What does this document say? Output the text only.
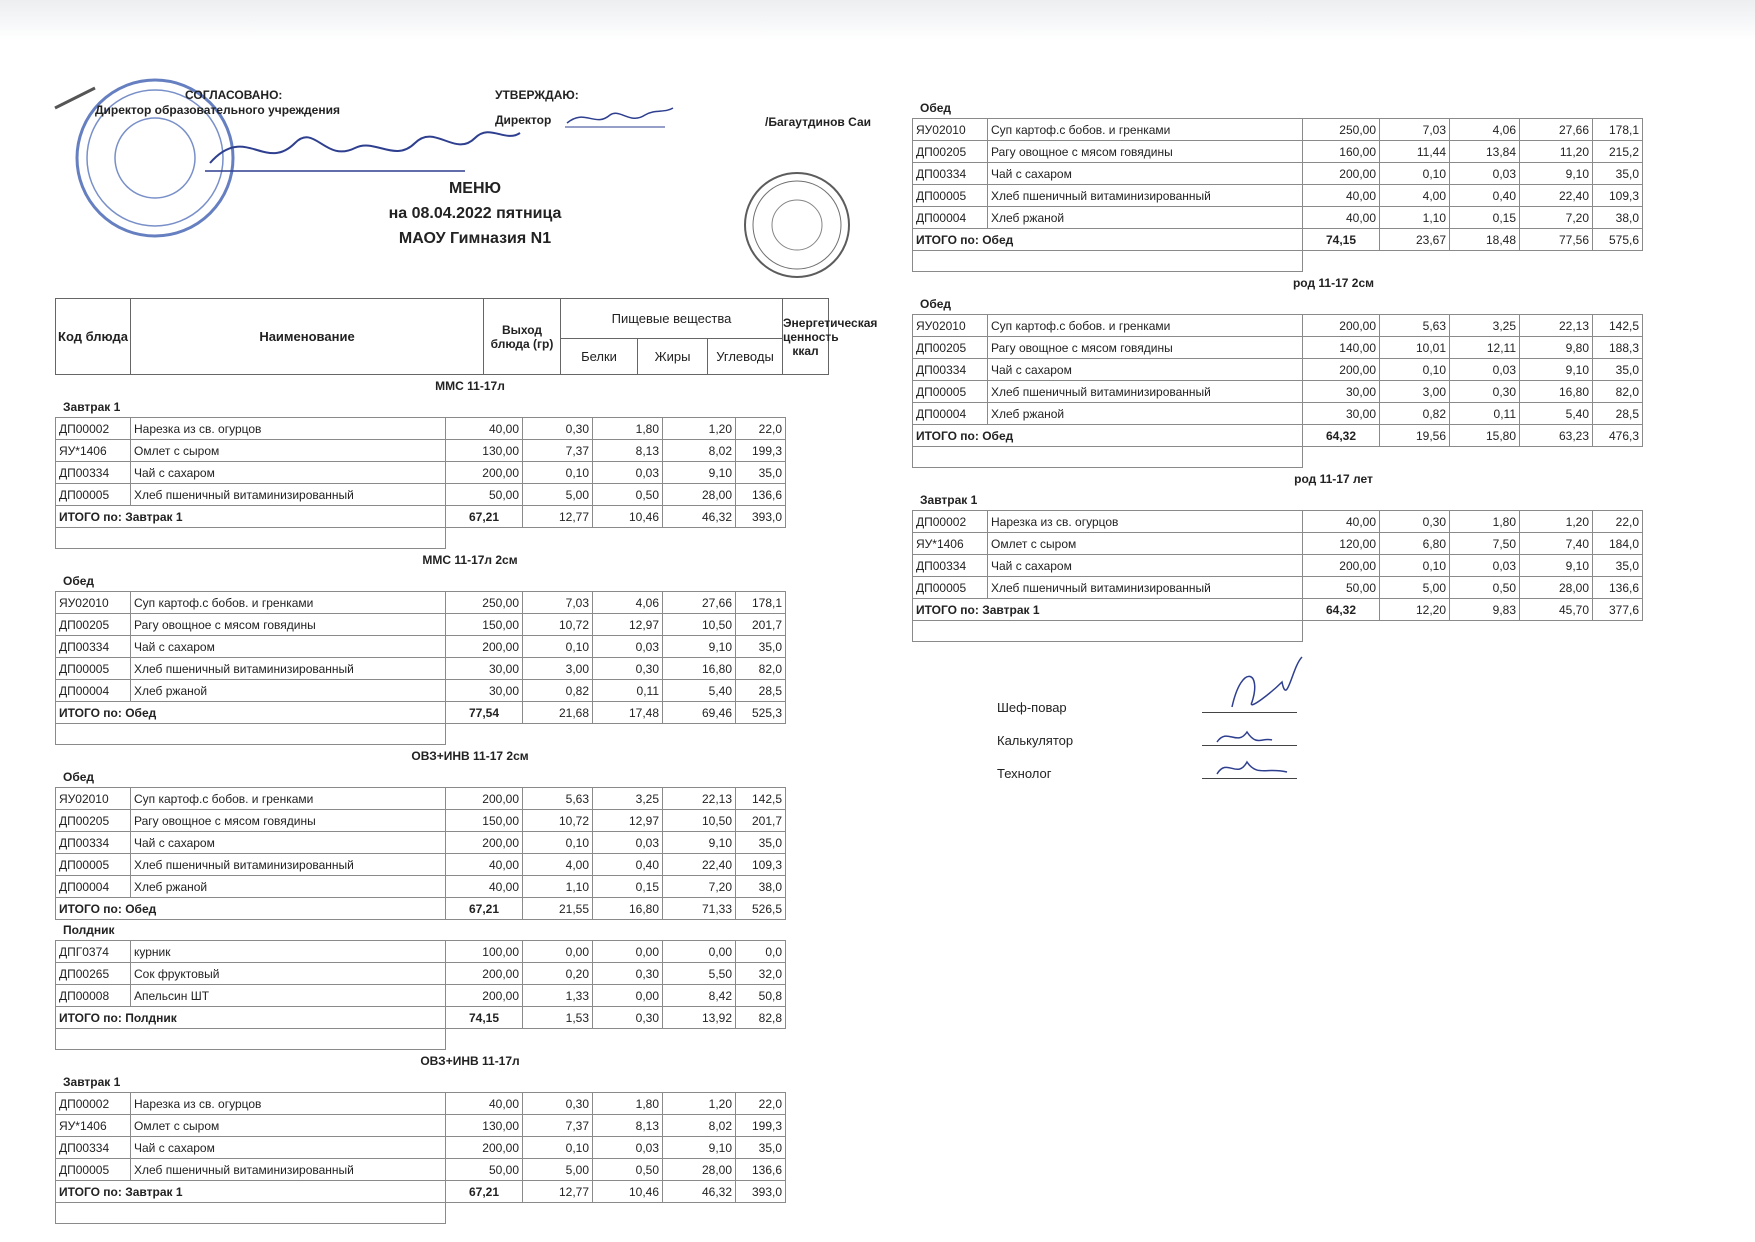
СОГЛАСОВАНО:
Директор образовательного учреждения
УТВЕРЖДАЮ:
Директор	/Багаутдинов Саи
МЕНЮ
на 08.04.2022 пятница
МАОУ Гимназия N1
Код блюда	Наименование	Выход блюда (гр)	Пищевые вещества			Энергетическая ценность ккал
			Белки	Жиры	Углеводы	
ММС 11-17л
Завтрак 1
ДП00002	Нарезка из св. огурцов	40,00	0,30	1,80	1,20	22,0
ЯУ*1406	Омлет с сыром	130,00	7,37	8,13	8,02	199,3
ДП00334	Чай с сахаром	200,00	0,10	0,03	9,10	35,0
ДП00005	Хлеб пшеничный витаминизированный	50,00	5,00	0,50	28,00	136,6
ИТОГО по: Завтрак 1		67,21	12,77	10,46	46,32	393,0

ММС 11-17л 2см
Обед
ЯУ02010	Суп картоф.с бобов. и гренками	250,00	7,03	4,06	27,66	178,1
ДП00205	Рагу овощное с мясом говядины	150,00	10,72	12,97	10,50	201,7
ДП00334	Чай с сахаром	200,00	0,10	0,03	9,10	35,0
ДП00005	Хлеб пшеничный витаминизированный	30,00	3,00	0,30	16,80	82,0
ДП00004	Хлеб ржаной	30,00	0,82	0,11	5,40	28,5
ИТОГО по: Обед		77,54	21,68	17,48	69,46	525,3

ОВЗ+ИНВ 11-17 2см
Обед
ЯУ02010	Суп картоф.с бобов. и гренками	200,00	5,63	3,25	22,13	142,5
ДП00205	Рагу овощное с мясом говядины	150,00	10,72	12,97	10,50	201,7
ДП00334	Чай с сахаром	200,00	0,10	0,03	9,10	35,0
ДП00005	Хлеб пшеничный витаминизированный	40,00	4,00	0,40	22,40	109,3
ДП00004	Хлеб ржаной	40,00	1,10	0,15	7,20	38,0
ИТОГО по: Обед		67,21	21,55	16,80	71,33	526,5
Полдник
ДПГ0374	курник	100,00	0,00	0,00	0,00	0,0
ДП00265	Сок фруктовый	200,00	0,20	0,30	5,50	32,0
ДП00008	Апельсин ШТ	200,00	1,33	0,00	8,42	50,8
ИТОГО по: Полдник		74,15	1,53	0,30	13,92	82,8

ОВЗ+ИНВ 11-17л
Завтрак 1
ДП00002	Нарезка из св. огурцов	40,00	0,30	1,80	1,20	22,0
ЯУ*1406	Омлет с сыром	130,00	7,37	8,13	8,02	199,3
ДП00334	Чай с сахаром	200,00	0,10	0,03	9,10	35,0
ДП00005	Хлеб пшеничный витаминизированный	50,00	5,00	0,50	28,00	136,6
ИТОГО по: Завтрак 1		67,21	12,77	10,46	46,32	393,0

Обед
ЯУ02010	Суп картоф.с бобов. и гренками	250,00	7,03	4,06	27,66	178,1
ДП00205	Рагу овощное с мясом говядины	160,00	11,44	13,84	11,20	215,2
ДП00334	Чай с сахаром	200,00	0,10	0,03	9,10	35,0
ДП00005	Хлеб пшеничный витаминизированный	40,00	4,00	0,40	22,40	109,3
ДП00004	Хлеб ржаной	40,00	1,10	0,15	7,20	38,0
ИТОГО по: Обед		74,15	23,67	18,48	77,56	575,6

род 11-17 2см
Обед
ЯУ02010	Суп картоф.с бобов. и гренками	200,00	5,63	3,25	22,13	142,5
ДП00205	Рагу овощное с мясом говядины	140,00	10,01	12,11	9,80	188,3
ДП00334	Чай с сахаром	200,00	0,10	0,03	9,10	35,0
ДП00005	Хлеб пшеничный витаминизированный	30,00	3,00	0,30	16,80	82,0
ДП00004	Хлеб ржаной	30,00	0,82	0,11	5,40	28,5
ИТОГО по: Обед		64,32	19,56	15,80	63,23	476,3

род 11-17 лет
Завтрак 1
ДП00002	Нарезка из св. огурцов	40,00	0,30	1,80	1,20	22,0
ЯУ*1406	Омлет с сыром	120,00	6,80	7,50	7,40	184,0
ДП00334	Чай с сахаром	200,00	0,10	0,03	9,10	35,0
ДП00005	Хлеб пшеничный витаминизированный	50,00	5,00	0,50	28,00	136,6
ИТОГО по: Завтрак 1		64,32	12,20	9,83	45,70	377,6

Шеф-повар
Калькулятор
Технолог
